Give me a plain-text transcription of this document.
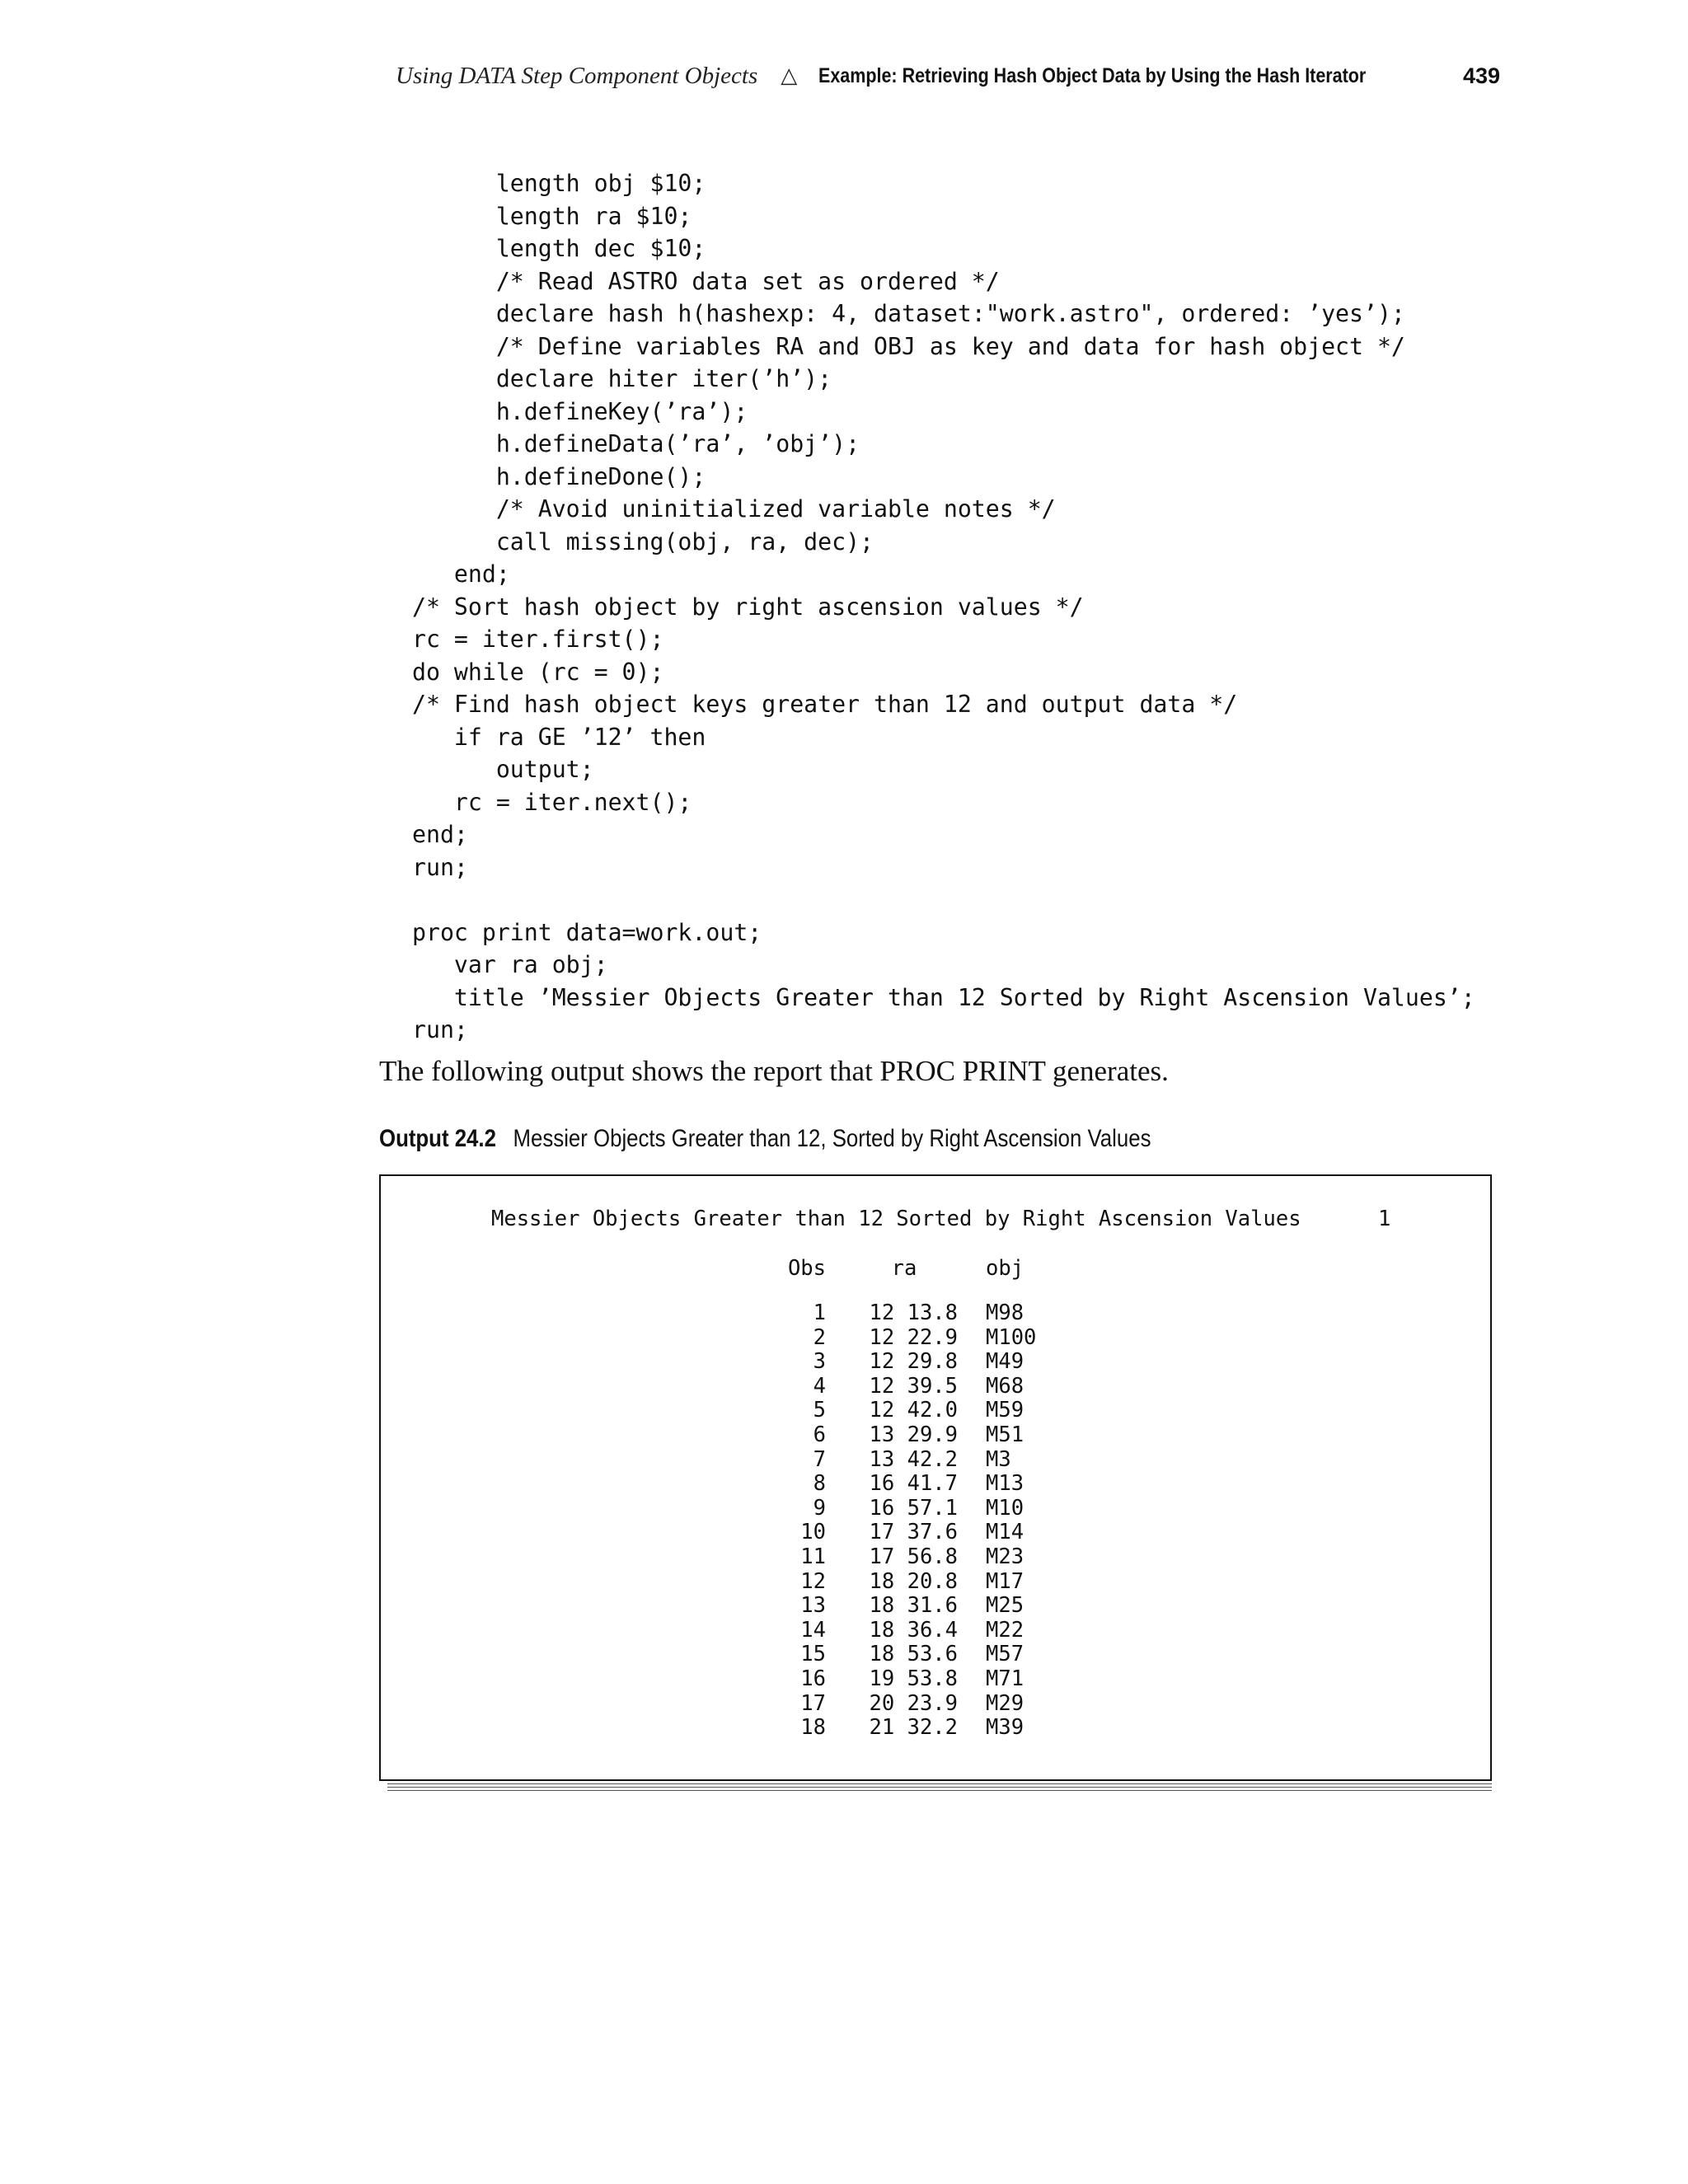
Using DATA Step Component Objects △ Example: Retrieving Hash Object Data by Using the Hash Iterator	439
length obj $10;
length ra $10;
length dec $10;
/* Read ASTRO data set as ordered */
declare hash h(hashexp: 4, dataset:"work.astro", ordered: ’yes’);
/* Define variables RA and OBJ as key and data for hash object */
declare hiter iter(’h’);
h.defineKey(’ra’);
h.defineData(’ra’, ’obj’);
h.defineDone();
/* Avoid uninitialized variable notes */
call missing(obj, ra, dec);
end;
/* Sort hash object by right ascension values */
rc = iter.first();
do while (rc = 0);
/* Find hash object keys greater than 12 and output data */
if ra GE ’12’ then
output;
rc = iter.next();
end;
run;
proc print data=work.out;
var ra obj;
title ’Messier Objects Greater than 12 Sorted by Right Ascension Values’;
run;
The following output shows the report that PROC PRINT generates.
Output 24.2 Messier Objects Greater than 12, Sorted by Right Ascension Values
Messier Objects Greater than 12 Sorted by Right Ascension Values	1
Obs	ra	obj
1	12 13.8 M98
2	12 22.9 M100
3	12 29.8 M49
4	12 39.5 M68
5	12 42.0 M59
6	13 29.9 M51
7	13 42.2 M3
8	16 41.7 M13
9	16 57.1 M10
10	17 37.6 M14
11	17 56.8 M23
12	18 20.8 M17
13	18 31.6 M25
14	18 36.4 M22
15	18 53.6 M57
16	19 53.8 M71
17	20 23.9 M29
18	21 32.2 M39
